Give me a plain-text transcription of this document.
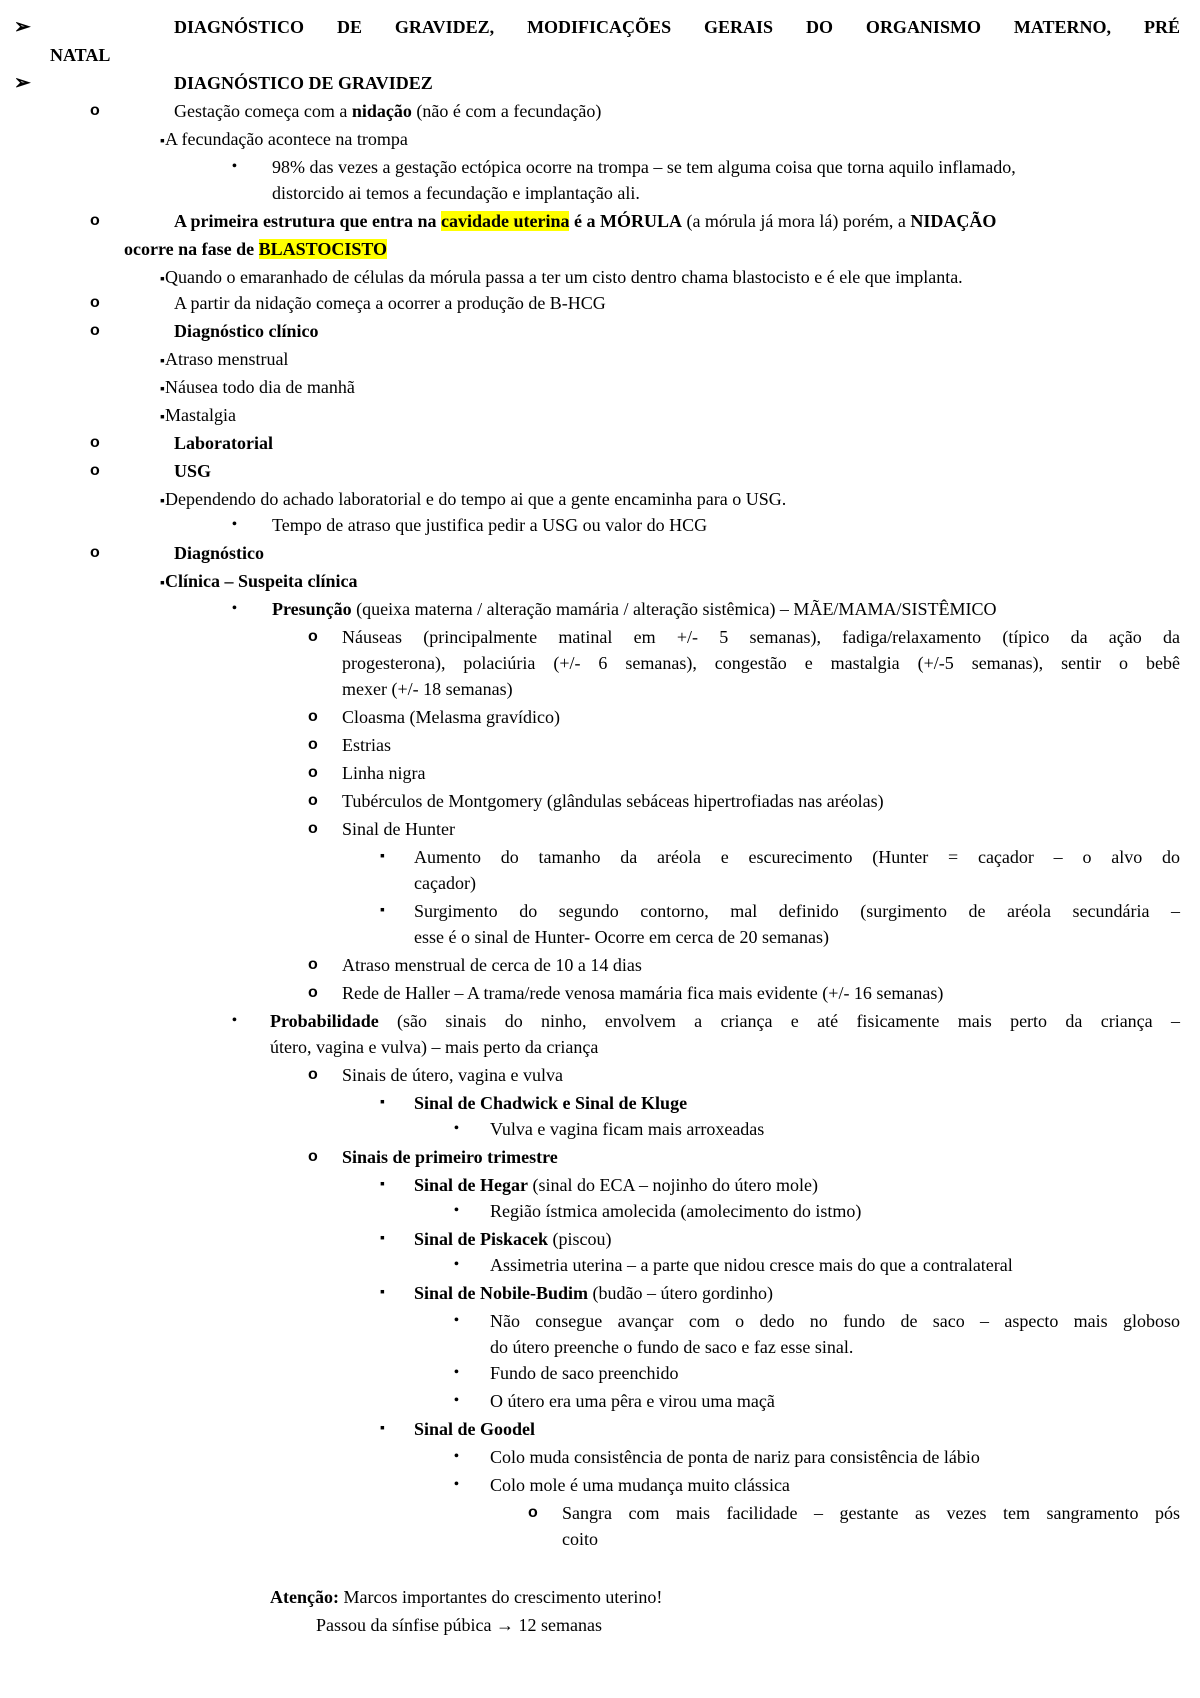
➢	DIAGNÓSTICO DE GRAVIDEZ, MODIFICAÇÕES GERAIS DO ORGANISMO MATERNO, PRÉ
NATAL
➢	DIAGNÓSTICO DE GRAVIDEZ
o	Gestação começa com a nidação (não é com a fecundação)
▪A fecundação acontece na trompa
• 98% das vezes a gestação ectópica ocorre na trompa – se tem alguma coisa que torna aquilo inflamado,
distorcido ai temos a fecundação e implantação ali.
o	A primeira estrutura que entra na cavidade uterina é a MÓRULA (a mórula já mora lá) porém, a NIDAÇÃO
ocorre na fase de BLASTOCISTO
▪Quando o emaranhado de células da mórula passa a ter um cisto dentro chama blastocisto e é ele que implanta.
o	A partir da nidação começa a ocorrer a produção de B-HCG
o	Diagnóstico clínico
▪Atraso menstrual
▪Náusea todo dia de manhã
▪Mastalgia
o	Laboratorial
o	USG
▪Dependendo do achado laboratorial e do tempo ai que a gente encaminha para o USG.
• Tempo de atraso que justifica pedir a USG ou valor do HCG
o	Diagnóstico
▪Clínica – Suspeita clínica
• Presunção (queixa materna / alteração mamária / alteração sistêmica) – MÃE/MAMA/SISTÊMICO
o Náuseas (principalmente matinal em +/- 5 semanas), fadiga/relaxamento (típico da ação da
progesterona), polaciúria (+/- 6 semanas), congestão e mastalgia (+/-5 semanas), sentir o bebê
mexer (+/- 18 semanas)
o Cloasma (Melasma gravídico)
o Estrias
o Linha nigra
o Tubérculos de Montgomery (glândulas sebáceas hipertrofiadas nas aréolas)
o Sinal de Hunter
▪ Aumento do tamanho da aréola e escurecimento (Hunter = caçador – o alvo do
caçador)
▪ Surgimento do segundo contorno, mal definido (surgimento de aréola secundária –
esse é o sinal de Hunter- Ocorre em cerca de 20 semanas)
o Atraso menstrual de cerca de 10 a 14 dias
o Rede de Haller – A trama/rede venosa mamária fica mais evidente (+/- 16 semanas)
• Probabilidade (são sinais do ninho, envolvem a criança e até fisicamente mais perto da criança –
útero, vagina e vulva) – mais perto da criança
o Sinais de útero, vagina e vulva
▪ Sinal de Chadwick e Sinal de Kluge
• Vulva e vagina ficam mais arroxeadas
o Sinais de primeiro trimestre
▪ Sinal de Hegar (sinal do ECA – nojinho do útero mole)
• Região ístmica amolecida (amolecimento do istmo)
▪ Sinal de Piskacek (piscou)
• Assimetria uterina – a parte que nidou cresce mais do que a contralateral
▪ Sinal de Nobile-Budim (budão – útero gordinho)
• Não consegue avançar com o dedo no fundo de saco – aspecto mais globoso
do útero preenche o fundo de saco e faz esse sinal.
• Fundo de saco preenchido
• O útero era uma pêra e virou uma maçã
▪ Sinal de Goodel
• Colo muda consistência de ponta de nariz para consistência de lábio
• Colo mole é uma mudança muito clássica
o Sangra com mais facilidade – gestante as vezes tem sangramento pós
coito
Atenção: Marcos importantes do crescimento uterino!
Passou da sínfise púbica → 12 semanas
